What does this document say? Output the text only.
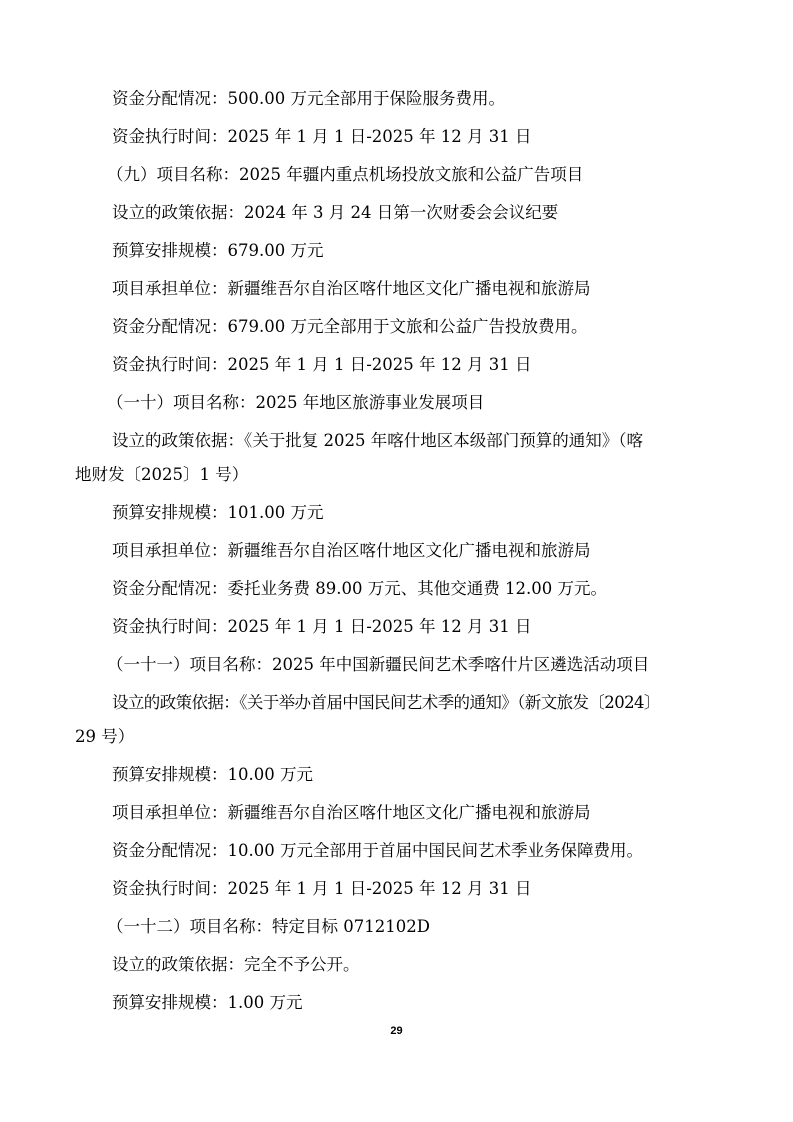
资金分配情况：500.00 万元全部用于保险服务费用。
资金执行时间：2025 年 1 月 1 日-2025 年 12 月 31 日
（九）项目名称：2025 年疆内重点机场投放文旅和公益广告项目
设立的政策依据：2024 年 3 月 24 日第一次财委会会议纪要
预算安排规模：679.00 万元
项目承担单位：新疆维吾尔自治区喀什地区文化广播电视和旅游局
资金分配情况：679.00 万元全部用于文旅和公益广告投放费用。
资金执行时间：2025 年 1 月 1 日-2025 年 12 月 31 日
（一十）项目名称：2025 年地区旅游事业发展项目
设立的政策依据：《关于批复 2025 年喀什地区本级部门预算的通知》（喀
地财发〔2025〕1 号）
预算安排规模：101.00 万元
项目承担单位：新疆维吾尔自治区喀什地区文化广播电视和旅游局
资金分配情况：委托业务费 89.00 万元、其他交通费 12.00 万元。
资金执行时间：2025 年 1 月 1 日-2025 年 12 月 31 日
（一十一）项目名称：2025 年中国新疆民间艺术季喀什片区遴选活动项目
设立的政策依据：《关于举办首届中国民间艺术季的通知》（新文旅发〔2024〕
29 号）
预算安排规模：10.00 万元
项目承担单位：新疆维吾尔自治区喀什地区文化广播电视和旅游局
资金分配情况：10.00 万元全部用于首届中国民间艺术季业务保障费用。
资金执行时间：2025 年 1 月 1 日-2025 年 12 月 31 日
（一十二）项目名称：特定目标 0712102D
设立的政策依据：完全不予公开。
预算安排规模：1.00 万元
29
